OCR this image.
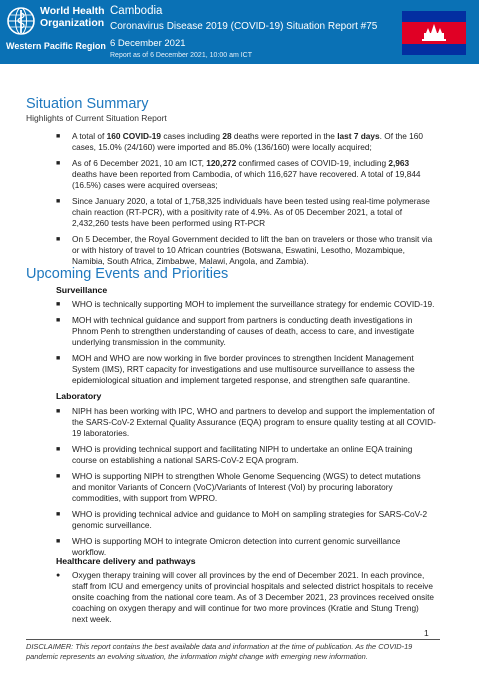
World Health
Organization
Western Pacific Region
Cambodia
Coronavirus Disease 2019 (COVID-19) Situation Report #75
6 December 2021
Report as of 6 December 2021, 10:00 am ICT
Situation Summary
Highlights of Current Situation Report
■ A total of 160 COVID-19 cases including 28 deaths were reported in the last 7 days. Of the 160 cases, 15.0% (24/160) were imported and 85.0% (136/160) were locally acquired;
■ As of 6 December 2021, 10 am ICT, 120,272 confirmed cases of COVID-19, including 2,963 deaths have been reported from Cambodia, of which 116,627 have recovered. A total of 19,844 (16.5%) cases were acquired overseas;
■ Since January 2020, a total of 1,758,325 individuals have been tested using real-time polymerase chain reaction (RT-PCR), with a positivity rate of 4.9%. As of 05 December 2021, a total of 2,432,260 tests have been performed using RT-PCR
■ On 5 December, the Royal Government decided to lift the ban on travelers or those who transit via or with history of travel to 10 African countries (Botswana, Eswatini, Lesotho, Mozambique, Namibia, South Africa, Zimbabwe, Malawi, Angola, and Zambia).
Upcoming Events and Priorities
Surveillance
■ WHO is technically supporting MOH to implement the surveillance strategy for endemic COVID-19.
■ MOH with technical guidance and support from partners is conducting death investigations in Phnom Penh to strengthen understanding of causes of death, access to care, and investigate underlying transmission in the community.
■ MOH and WHO are now working in five border provinces to strengthen Incident Management System (IMS), RRT capacity for investigations and use multisource surveillance to assess the epidemiological situation and implement targeted response, and strengthen safe quarantine.
Laboratory
■ NIPH has been working with IPC, WHO and partners to develop and support the implementation of the SARS-CoV-2 External Quality Assurance (EQA) program to ensure quality testing at all COVID-19 laboratories.
■ WHO is providing technical support and facilitating NIPH to undertake an online EQA training course on establishing a national SARS-CoV-2 EQA program.
■ WHO is supporting NIPH to strengthen Whole Genome Sequencing (WGS) to detect mutations and monitor Variants of Concern (VoC)/Variants of Interest (VoI) by procuring laboratory commodities, with support from WPRO.
■ WHO is providing technical advice and guidance to MoH on sampling strategies for SARS-CoV-2 genomic surveillance.
■ WHO is supporting MOH to integrate Omicron detection into current genomic surveillance workflow.
Healthcare delivery and pathways
● Oxygen therapy training will cover all provinces by the end of December 2021. In each province, staff from ICU and emergency units of provincial hospitals and selected district hospitals to receive onsite coaching from the national core team. As of 3 December 2021, 23 provinces received onsite coaching on oxygen therapy and will continue for two more provinces (Kratie and Stung Treng) next week.
1
DISCLAIMER: This report contains the best available data and information at the time of publication. As the COVID-19 pandemic represents an evolving situation, the information might change with emerging new information.
